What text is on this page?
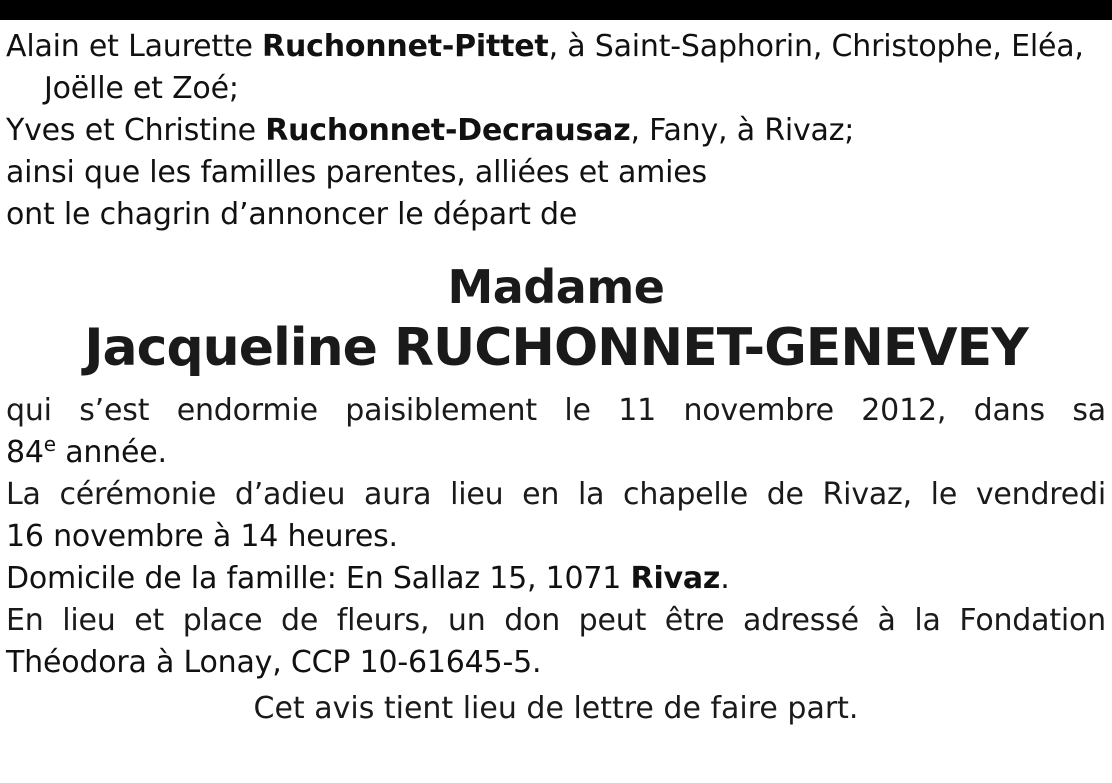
Alain et Laurette Ruchonnet-Pittet, à Saint-Saphorin, Christophe, Eléa,
Joëlle et Zoé;
Yves et Christine Ruchonnet-Decrausaz, Fany, à Rivaz;
ainsi que les familles parentes, alliées et amies
ont le chagrin d’annoncer le départ de
Madame
Jacqueline RUCHONNET-GENEVEY
qui s’est endormie paisiblement le 11 novembre 2012, dans sa
84e année.
La cérémonie d’adieu aura lieu en la chapelle de Rivaz, le vendredi
16 novembre à 14 heures.
Domicile de la famille: En Sallaz 15, 1071 Rivaz.
En lieu et place de fleurs, un don peut être adressé à la Fondation
Théodora à Lonay, CCP 10-61645-5.
Cet avis tient lieu de lettre de faire part.
